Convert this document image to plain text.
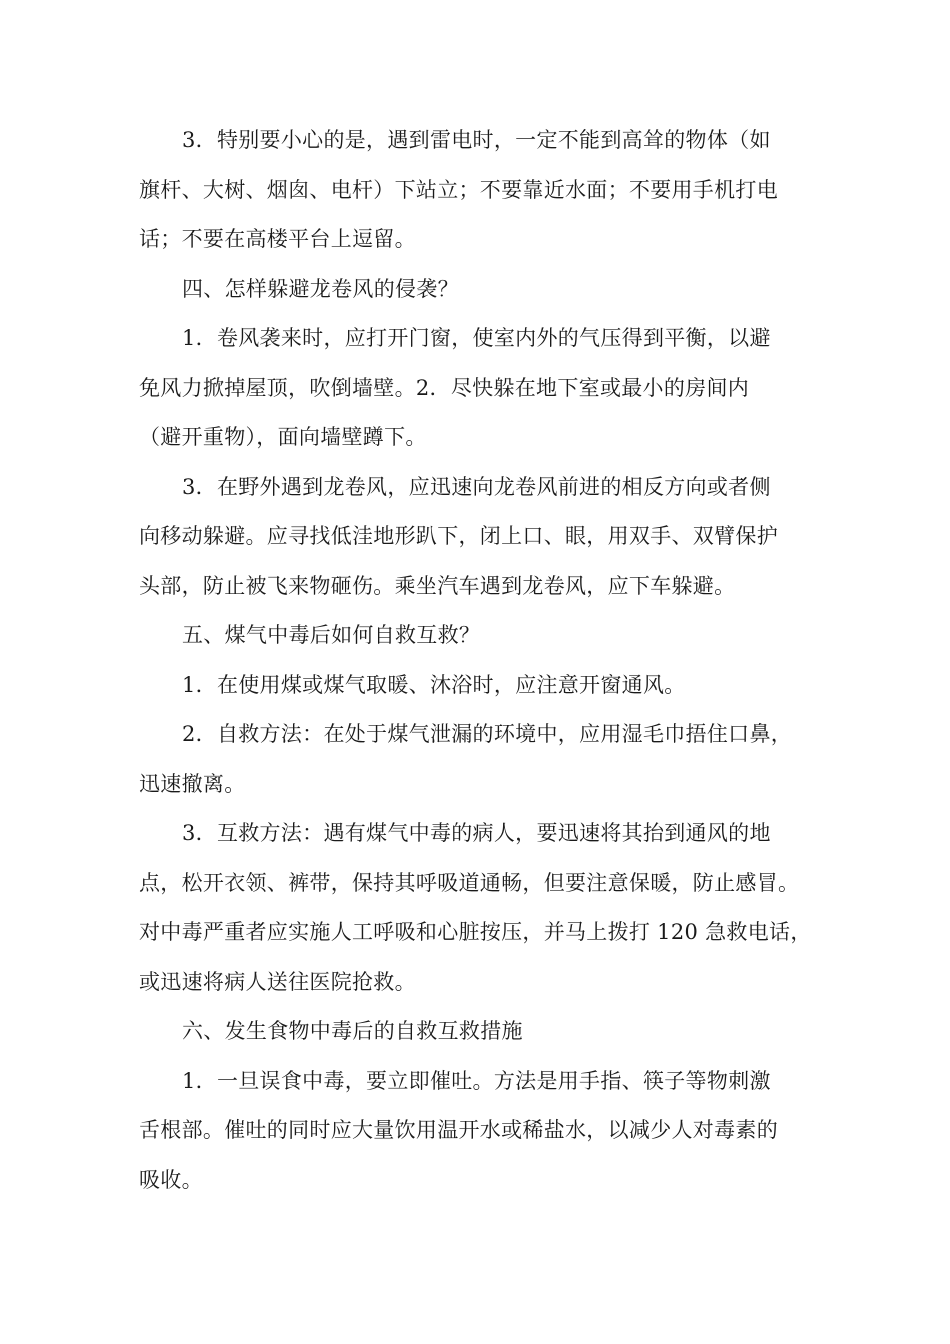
3．特别要小心的是，遇到雷电时，一定不能到高耸的物体（如
旗杆、大树、烟囱、电杆）下站立；不要靠近水面；不要用手机打电
话；不要在高楼平台上逗留。
四、怎样躲避龙卷风的侵袭？
1．卷风袭来时，应打开门窗，使室内外的气压得到平衡，以避
免风力掀掉屋顶，吹倒墙壁。2．尽快躲在地下室或最小的房间内
（避开重物），面向墙壁蹲下。
3．在野外遇到龙卷风，应迅速向龙卷风前进的相反方向或者侧
向移动躲避。应寻找低洼地形趴下，闭上口、眼，用双手、双臂保护
头部，防止被飞来物砸伤。乘坐汽车遇到龙卷风，应下车躲避。
五、煤气中毒后如何自救互救？
1．在使用煤或煤气取暖、沐浴时，应注意开窗通风。
2．自救方法：在处于煤气泄漏的环境中，应用湿毛巾捂住口鼻，
迅速撤离。
3．互救方法：遇有煤气中毒的病人，要迅速将其抬到通风的地
点，松开衣领、裤带，保持其呼吸道通畅，但要注意保暖，防止感冒。
对中毒严重者应实施人工呼吸和心脏按压，并马上拨打 120 急救电话，
或迅速将病人送往医院抢救。
六、发生食物中毒后的自救互救措施
1．一旦误食中毒，要立即催吐。方法是用手指、筷子等物刺激
舌根部。催吐的同时应大量饮用温开水或稀盐水，以减少人对毒素的
吸收。
